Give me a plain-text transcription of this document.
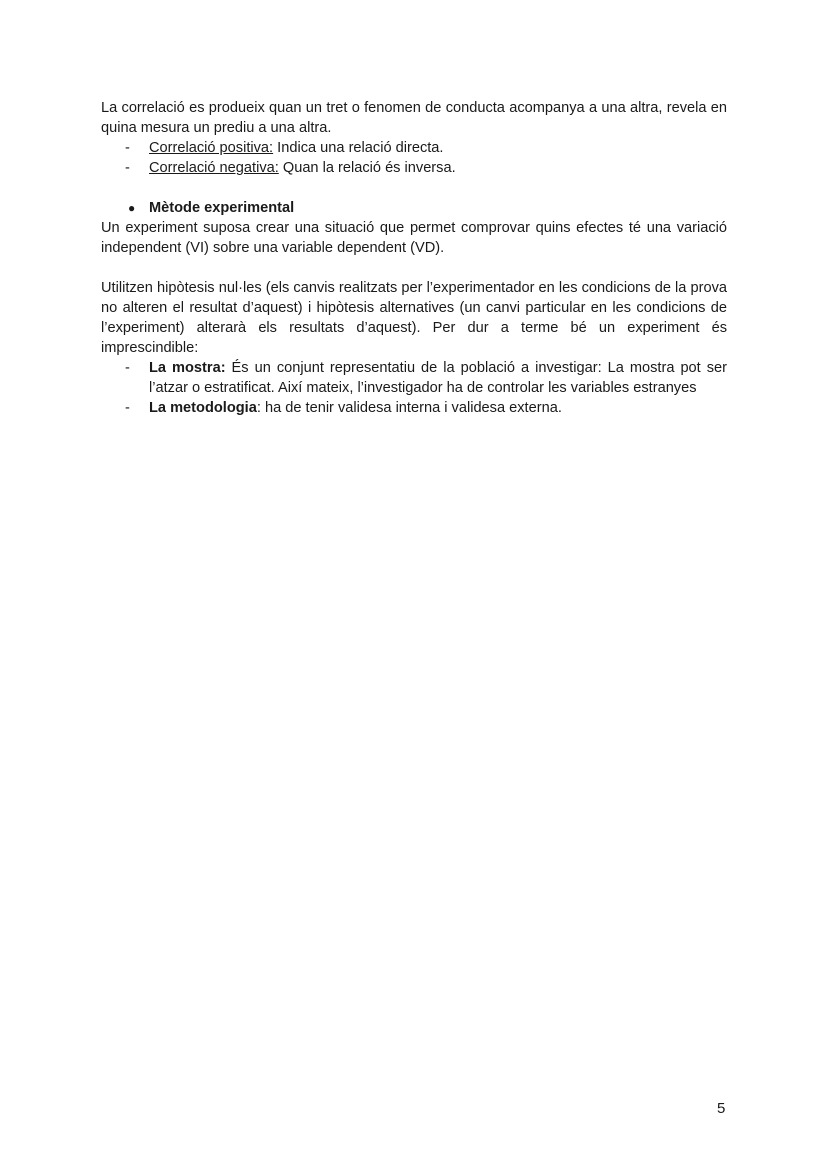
La correlació es produeix quan un tret o fenomen de conducta acompanya a una altra, revela en quina mesura un prediu a una altra.

- Correlació positiva: Indica una relació directa.
- Correlació negativa: Quan la relació és inversa.
● Mètode experimental

Un experiment suposa crear una situació que permet comprovar quins efectes té una variació independent (VI) sobre una variable dependent (VD).

Utilitzen hipòtesis nul·les (els canvis realitzats per l’experimentador en les condicions de la prova no alteren el resultat d’aquest) i hipòtesis alternatives (un canvi particular en les condicions de l’experiment) alterarà els resultats d’aquest). Per dur a terme bé un experiment és imprescindible:

- La mostra: És un conjunt representatiu de la població a investigar: La mostra pot ser l’atzar o estratificat. Així mateix, l’investigador ha de controlar les variables estranyes
- La metodologia: ha de tenir validesa interna i validesa externa.
5
